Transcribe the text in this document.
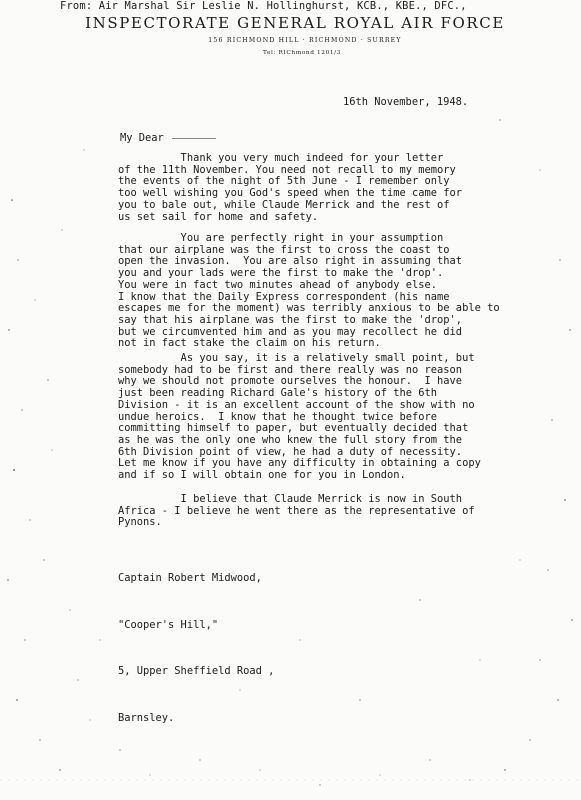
From: Air Marshal Sir Leslie N. Hollinghurst, KCB., KBE., DFC.,
INSPECTORATE GENERAL ROYAL AIR FORCE
156 RICHMOND HILL · RICHMOND · SURREY
Tel: RIChmond 1201/3
16th November, 1948.
My Dear
Thank you very much indeed for your letter
of the 11th November. You need not recall to my memory
the events of the night of 5th June - I remember only
too well wishing you God's speed when the time came for
you to bale out, while Claude Merrick and the rest of
us set sail for home and safety.
You are perfectly right in your assumption
that our airplane was the first to cross the coast to
open the invasion.  You are also right in assuming that
you and your lads were the first to make the 'drop'.
You were in fact two minutes ahead of anybody else.
I know that the Daily Express correspondent (his name
escapes me for the moment) was terribly anxious to be able to
say that his airplane was the first to make the 'drop',
but we circumvented him and as you may recollect he did
not in fact stake the claim on his return.
As you say, it is a relatively small point, but
somebody had to be first and there really was no reason
why we should not promote ourselves the honour.  I have
just been reading Richard Gale's history of the 6th
Division - it is an excellent account of the show with no
undue heroics.  I know that he thought twice before
committing himself to paper, but eventually decided that
as he was the only one who knew the full story from the
6th Division point of view, he had a duty of necessity.
Let me know if you have any difficulty in obtaining a copy
and if so I will obtain one for you in London.
I believe that Claude Merrick is now in South
Africa - I believe he went there as the representative of
Pynons.

Captain Robert Midwood,

"Cooper's Hill,"

5, Upper Sheffield Road ,

Barnsley.
